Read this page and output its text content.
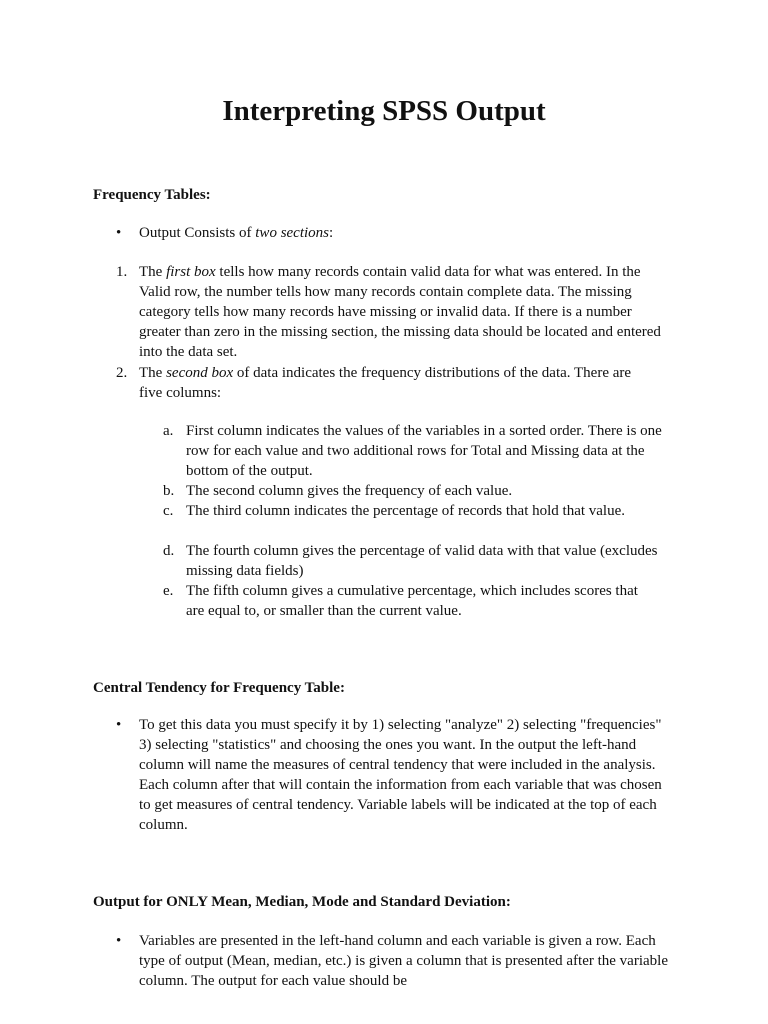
Interpreting SPSS Output
Frequency Tables:
• Output Consists of two sections:

1. The first box tells how many records contain valid data for what was entered. In the Valid row, the number tells how many records contain complete data. The missing category tells how many records have missing or invalid data. If there is a number greater than zero in the missing section, the missing data should be located and entered into the data set.

2. The second box of data indicates the frequency distributions of the data. There are five columns:

a. First column indicates the values of the variables in a sorted order. There is one row for each value and two additional rows for Total and Missing data at the bottom of the output.

b. The second column gives the frequency of each value.

c. The third column indicates the percentage of records that hold that value.

d. The fourth column gives the percentage of valid data with that value (excludes missing data fields)

e. The fifth column gives a cumulative percentage, which includes scores that are equal to, or smaller than the current value.

Central Tendency for Frequency Table:
• To get this data you must specify it by 1) selecting "analyze" 2) selecting "frequencies" 3) selecting "statistics" and choosing the ones you want. In the output the left-hand column will name the measures of central tendency that were included in the analysis. Each column after that will contain the information from each variable that was chosen to get measures of central tendency. Variable labels will be indicated at the top of each column.

Output for ONLY Mean, Median, Mode and Standard Deviation:
• Variables are presented in the left-hand column and each variable is given a row. Each type of output (Mean, median, etc.) is given a column that is presented after the variable column. The output for each value should be
